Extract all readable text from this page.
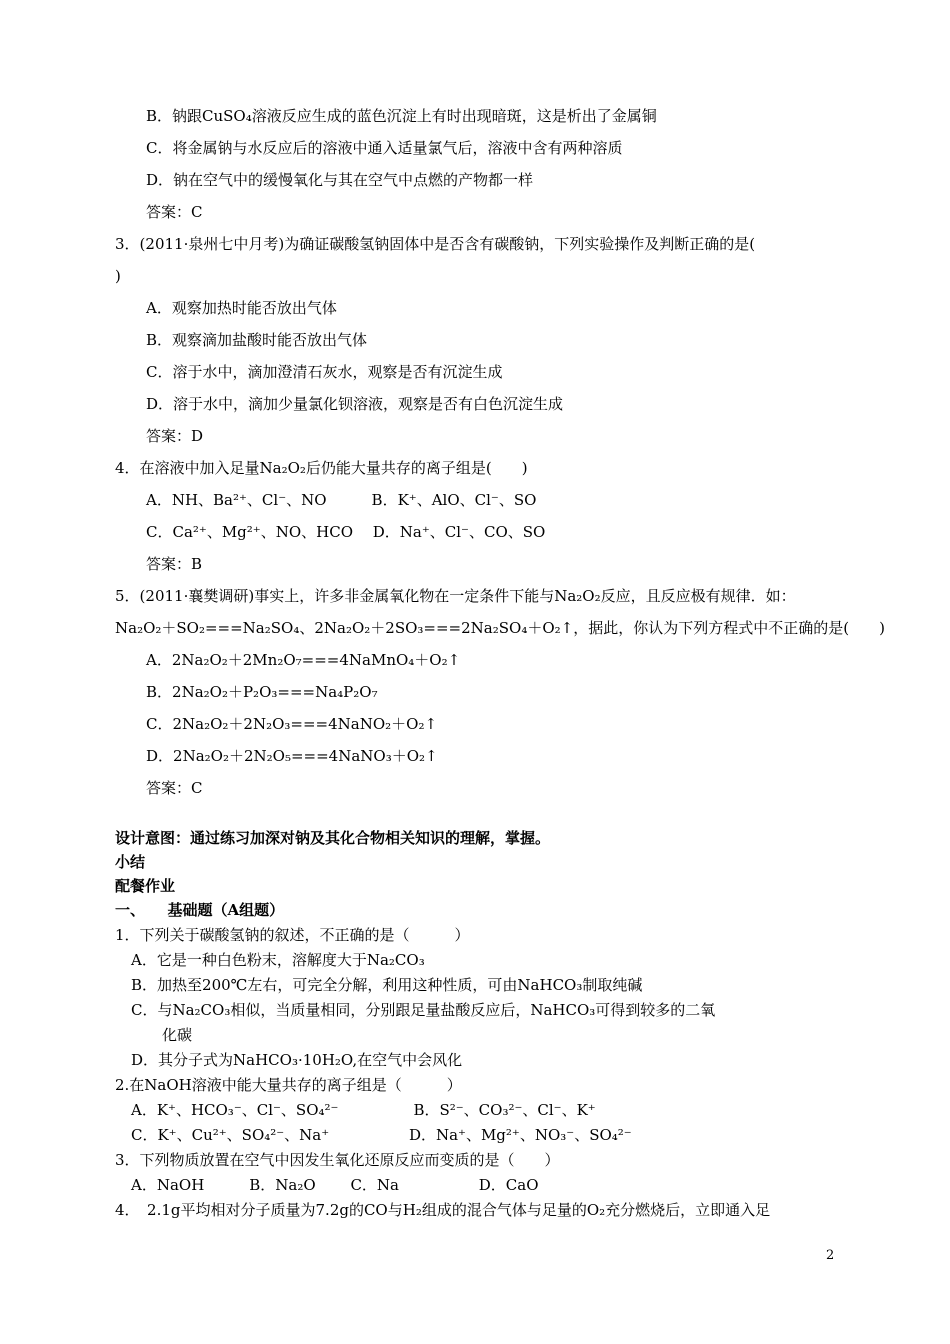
B．钠跟CuSO₄溶液反应生成的蓝色沉淀上有时出现暗斑，这是析出了金属铜
C．将金属钠与水反应后的溶液中通入适量氯气后，溶液中含有两种溶质
D．钠在空气中的缓慢氧化与其在空气中点燃的产物都一样
答案：C
3．(2011·泉州七中月考)为确证碳酸氢钠固体中是否含有碳酸钠，下列实验操作及判断正确的是(
)
A．观察加热时能否放出气体
B．观察滴加盐酸时能否放出气体
C．溶于水中，滴加澄清石灰水，观察是否有沉淀生成
D．溶于水中，滴加少量氯化钡溶液，观察是否有白色沉淀生成
答案：D
4．在溶液中加入足量Na₂O₂后仍能大量共存的离子组是(　　)
A．NH、Ba²⁺、Cl⁻、NO　　　B．K⁺、AlO、Cl⁻、SO
C．Ca²⁺、Mg²⁺、NO、HCO　 D．Na⁺、Cl⁻、CO、SO
答案：B
5．(2011·襄樊调研)事实上，许多非金属氧化物在一定条件下能与Na₂O₂反应，且反应极有规律．如：
Na₂O₂＋SO₂===Na₂SO₄、2Na₂O₂＋2SO₃===2Na₂SO₄＋O₂↑，据此，你认为下列方程式中不正确的是(　　)
A．2Na₂O₂＋2Mn₂O₇===4NaMnO₄＋O₂↑
B．2Na₂O₂＋P₂O₃===Na₄P₂O₇
C．2Na₂O₂＋2N₂O₃===4NaNO₂＋O₂↑
D．2Na₂O₂＋2N₂O₅===4NaNO₃＋O₂↑
答案：C
设计意图：通过练习加深对钠及其化合物相关知识的理解，掌握。
小结
配餐作业
一、　　基础题（A组题）
1．下列关于碳酸氢钠的叙述，不正确的是（　　　）
A．它是一种白色粉末，溶解度大于Na₂CO₃
B．加热至200℃左右，可完全分解，利用这种性质，可由NaHCO₃制取纯碱
C．与Na₂CO₃相似，当质量相同，分别跟足量盐酸反应后，NaHCO₃可得到较多的二氧
化碳
D．其分子式为NaHCO₃·10H₂O,在空气中会风化
2.在NaOH溶液中能大量共存的离子组是（　　　）
A．K⁺、HCO₃⁻、Cl⁻、SO₄²⁻　　　　　B．S²⁻、CO₃²⁻、Cl⁻、K⁺
C．K⁺、Cu²⁺、SO₄²⁻、Na⁺　　　　　 D．Na⁺、Mg²⁺、NO₃⁻、SO₄²⁻
3．下列物质放置在空气中因发生氧化还原反应而变质的是（　　）
A．NaOH　　　B．Na₂O　　 C．Na　　　　　 D．CaO
4．　2.1g平均相对分子质量为7.2g的CO与H₂组成的混合气体与足量的O₂充分燃烧后，立即通入足
2
